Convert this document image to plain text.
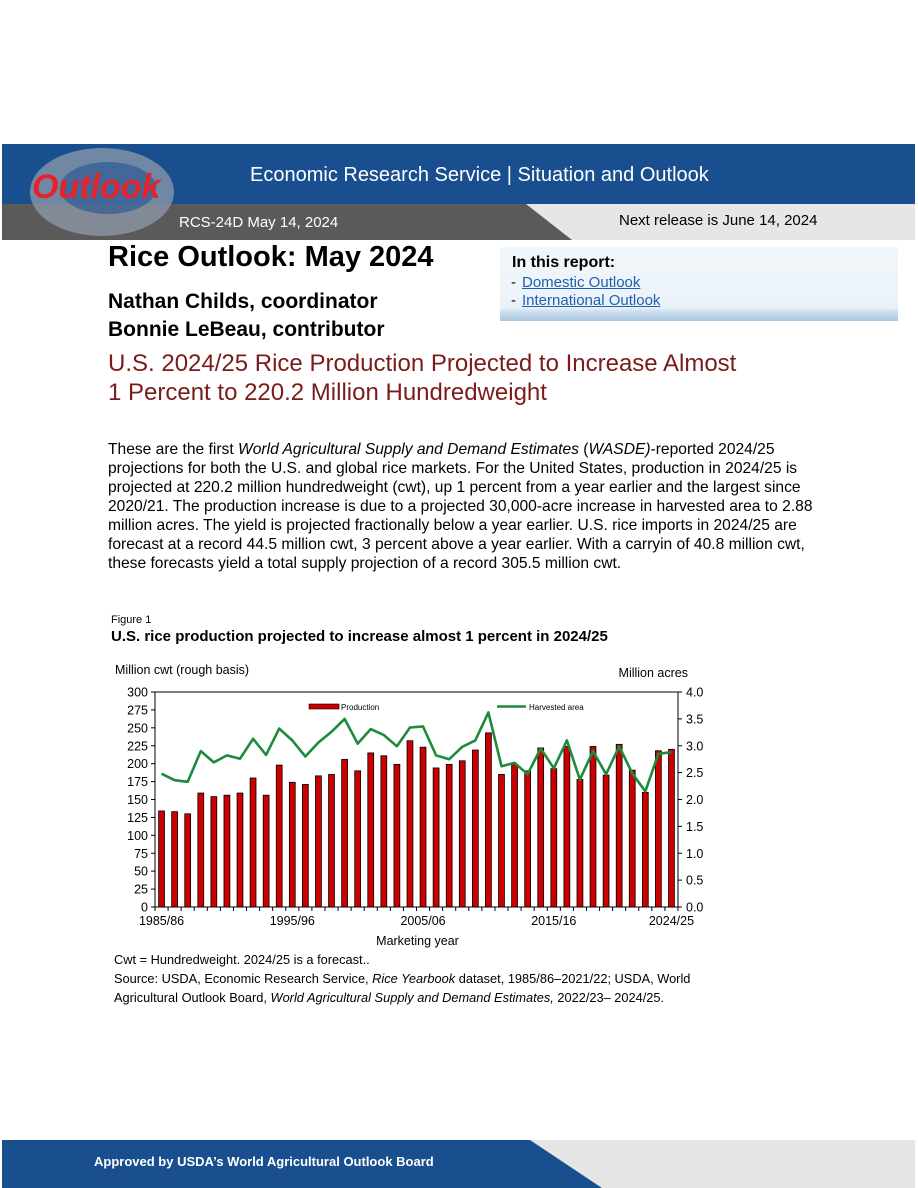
Economic Research Service | Situation and Outlook
RCS-24D May 14, 2024	Next release is June 14, 2024
Outlook
Rice Outlook: May 2024
Nathan Childs, coordinator
Bonnie LeBeau, contributor
In this report:
- Domestic Outlook
- International Outlook
U.S. 2024/25 Rice Production Projected to Increase Almost
1 Percent to 220.2 Million Hundredweight

These are the first World Agricultural Supply and Demand Estimates (WASDE)-reported 2024/25 projections for both the U.S. and global rice markets. For the United States, production in 2024/25 is projected at 220.2 million hundredweight (cwt), up 1 percent from a year earlier and the largest since 2020/21. The production increase is due to a projected 30,000-acre increase in harvested area to 2.88 million acres. The yield is projected fractionally below a year earlier. U.S. rice imports in 2024/25 are forecast at a record 44.5 million cwt, 3 percent above a year earlier. With a carryin of 40.8 million cwt, these forecasts yield a total supply projection of a record 305.5 million cwt.

Figure 1
U.S. rice production projected to increase almost 1 percent in 2024/25
Million cwt (rough basis)	Million acres
Marketing year
0
25
50
75
100
125
150
175
200
225
250
275
300
0.0
0.5
1.0
1.5
2.0
2.5
3.0
3.5
4.0
1985/86	1995/96	2005/06	2015/16	2024/25
Production	Harvested area
Cwt = Hundredweight. 2024/25 is a forecast..
Source: USDA, Economic Research Service, Rice Yearbook dataset, 1985/86–2021/22; USDA, World Agricultural Outlook Board, World Agricultural Supply and Demand Estimates, 2022/23– 2024/25.
Approved by USDA’s World Agricultural Outlook Board
